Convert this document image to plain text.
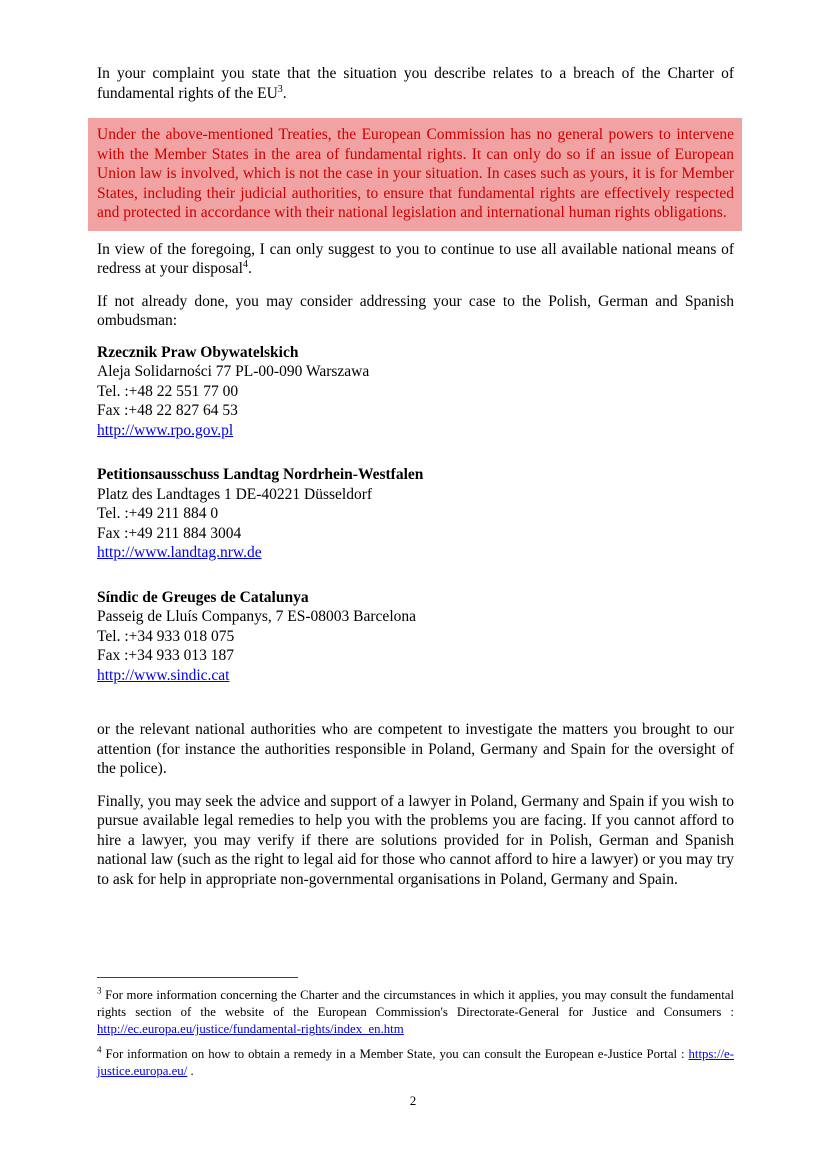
In your complaint you state that the situation you describe relates to a breach of the Charter of fundamental rights of the $EU^3$.

Under the above-mentioned Treaties, the European Commission has no general powers to intervene with the Member States in the area of fundamental rights. It can only do so if an issue of European Union law is involved, which is not the case in your situation. In cases such as yours, it is for Member States, including their judicial authorities, to ensure that fundamental rights are effectively respected and protected in accordance with their national legislation and international human rights obligations.

In view of the foregoing, I can only suggest to you to continue to use all available national means of redress at your disposal$^4$.

If not already done, you may consider addressing your case to the Polish, German and Spanish ombudsman:

Rzecznik Praw Obywatelskich

Aleja Solidarności 77 PL-00-090 Warszawa

Tel. :+48 22 551 77 00

Fax :+48 22 827 64 53

http://www.rpo.gov.pl

Petitionsausschuss Landtag Nordrhein-Westfalen

Platz des Landtages 1 DE-40221 Düsseldorf

Tel. :+49 211 884 0

Fax :+49 211 884 3004

http://www.landtag.nrw.de

Síndic de Greuges de Catalunya

Passeig de Lluís Companys, 7 ES-08003 Barcelona

Tel. :+34 933 018 075

Fax :+34 933 013 187

http://www.sindic.cat

or the relevant national authorities who are competent to investigate the matters you brought to our attention (for instance the authorities responsible in Poland, Germany and Spain for the oversight of the police).

Finally, you may seek the advice and support of a lawyer in Poland, Germany and Spain if you wish to pursue available legal remedies to help you with the problems you are facing. If you cannot afford to hire a lawyer, you may verify if there are solutions provided for in Polish, German and Spanish national law (such as the right to legal aid for those who cannot afford to hire a lawyer) or you may try to ask for help in appropriate non-governmental organisations in Poland, Germany and Spain.

$^3$ For more information concerning the Charter and the circumstances in which it applies, you may consult the fundamental rights section of the website of the European Commission's Directorate-General for Justice and Consumers : http://ec.europa.eu/justice/fundamental-rights/index_en.htm

$^4$ For information on how to obtain a remedy in a Member State, you can consult the European e-Justice Portal : https://e-justice.europa.eu/ .

2
